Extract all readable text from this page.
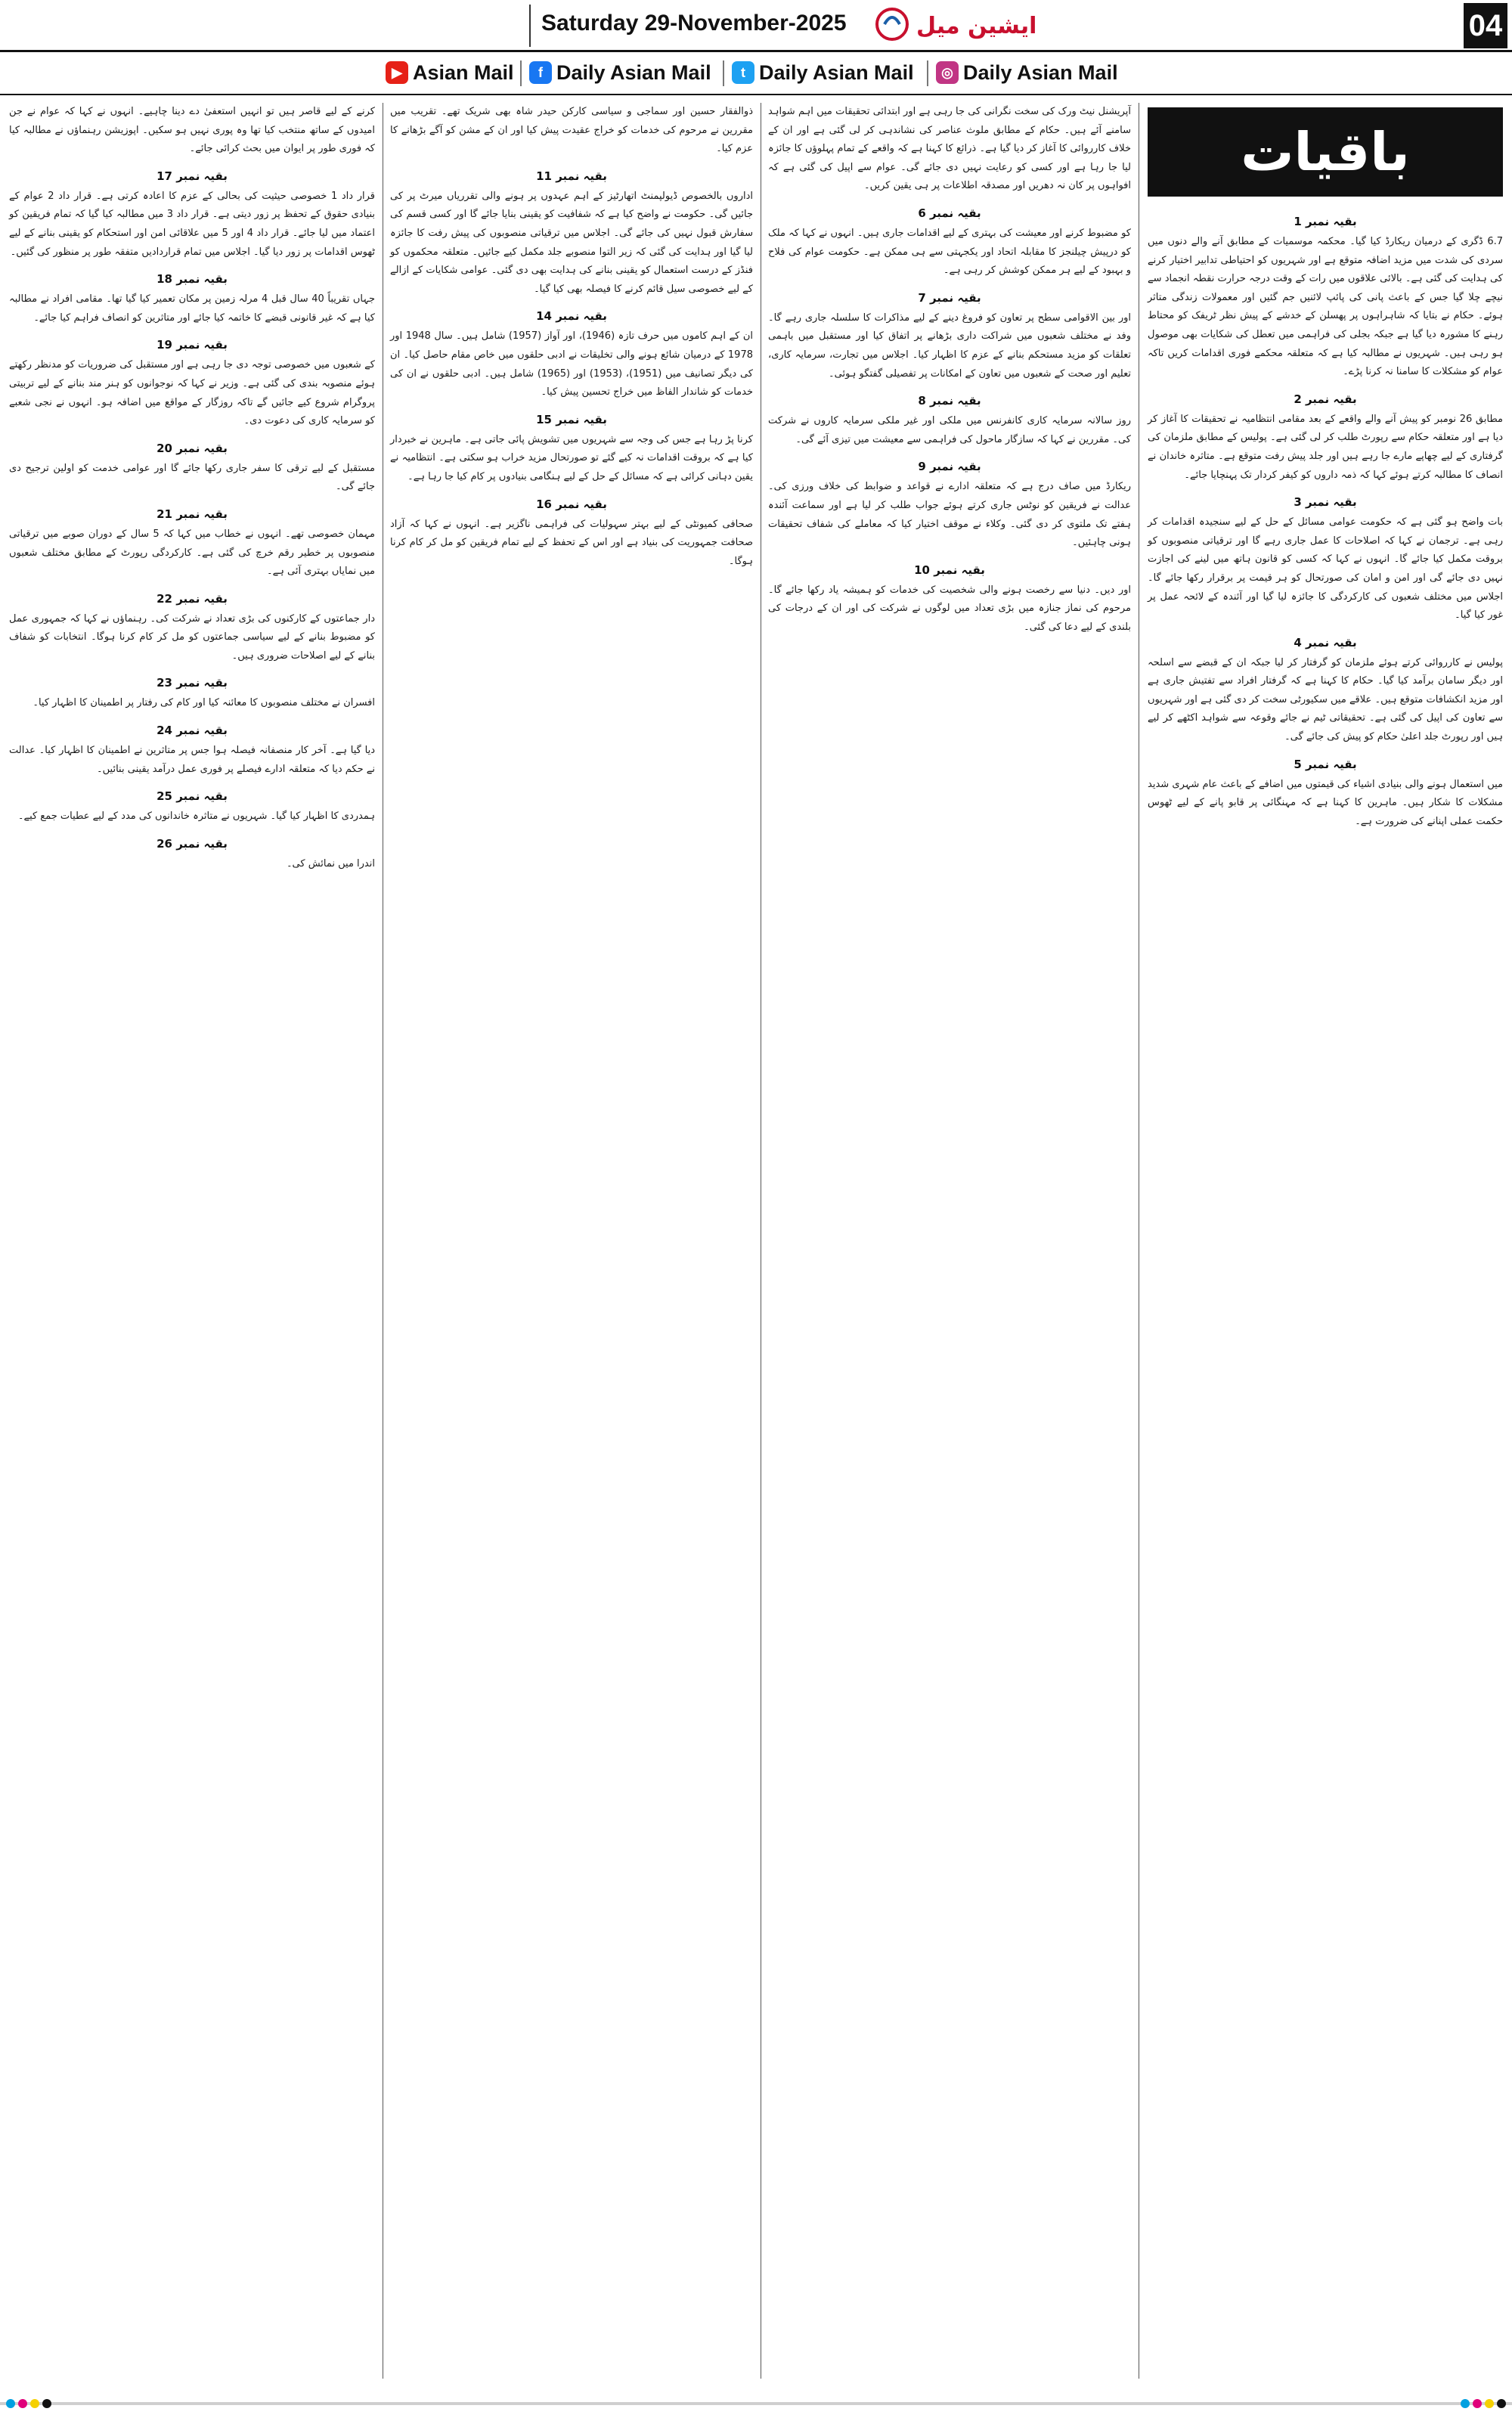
04
ایشین میل
Saturday 29-November-2025
▶ Asian Mail	f Daily Asian Mail	t Daily Asian Mail	◎ Daily Asian Mail
باقیات
بقیہ نمبر 1

6.7 ڈگری کے درمیان ریکارڈ کیا گیا۔ محکمہ موسمیات کے مطابق آنے والے دنوں میں سردی کی شدت میں مزید اضافہ متوقع ہے اور شہریوں کو احتیاطی تدابیر اختیار کرنے کی ہدایت کی گئی ہے۔ بالائی علاقوں میں رات کے وقت درجہ حرارت نقطہ انجماد سے نیچے چلا گیا جس کے باعث پانی کی پائپ لائنیں جم گئیں اور معمولات زندگی متاثر ہوئے۔ حکام نے بتایا کہ شاہراہوں پر پھسلن کے خدشے کے پیش نظر ٹریفک کو محتاط رہنے کا مشورہ دیا گیا ہے جبکہ بجلی کی فراہمی میں تعطل کی شکایات بھی موصول ہو رہی ہیں۔ شہریوں نے مطالبہ کیا ہے کہ متعلقہ محکمے فوری اقدامات کریں تاکہ عوام کو مشکلات کا سامنا نہ کرنا پڑے۔

بقیہ نمبر 2

مطابق 26 نومبر کو پیش آنے والے واقعے کے بعد مقامی انتظامیہ نے تحقیقات کا آغاز کر دیا ہے اور متعلقہ حکام سے رپورٹ طلب کر لی گئی ہے۔ پولیس کے مطابق ملزمان کی گرفتاری کے لیے چھاپے مارے جا رہے ہیں اور جلد پیش رفت متوقع ہے۔ متاثرہ خاندان نے انصاف کا مطالبہ کرتے ہوئے کہا کہ ذمہ داروں کو کیفر کردار تک پہنچایا جائے۔

بقیہ نمبر 3

بات واضح ہو گئی ہے کہ حکومت عوامی مسائل کے حل کے لیے سنجیدہ اقدامات کر رہی ہے۔ ترجمان نے کہا کہ اصلاحات کا عمل جاری رہے گا اور ترقیاتی منصوبوں کو بروقت مکمل کیا جائے گا۔ انہوں نے کہا کہ کسی کو قانون ہاتھ میں لینے کی اجازت نہیں دی جائے گی اور امن و امان کی صورتحال کو ہر قیمت پر برقرار رکھا جائے گا۔ اجلاس میں مختلف شعبوں کی کارکردگی کا جائزہ لیا گیا اور آئندہ کے لائحہ عمل پر غور کیا گیا۔

بقیہ نمبر 4

پولیس نے کارروائی کرتے ہوئے ملزمان کو گرفتار کر لیا جبکہ ان کے قبضے سے اسلحہ اور دیگر سامان برآمد کیا گیا۔ حکام کا کہنا ہے کہ گرفتار افراد سے تفتیش جاری ہے اور مزید انکشافات متوقع ہیں۔ علاقے میں سکیورٹی سخت کر دی گئی ہے اور شہریوں سے تعاون کی اپیل کی گئی ہے۔ تحقیقاتی ٹیم نے جائے وقوعہ سے شواہد اکٹھے کر لیے ہیں اور رپورٹ جلد اعلیٰ حکام کو پیش کی جائے گی۔

بقیہ نمبر 5

میں استعمال ہونے والی بنیادی اشیاء کی قیمتوں میں اضافے کے باعث عام شہری شدید مشکلات کا شکار ہیں۔ ماہرین کا کہنا ہے کہ مہنگائی پر قابو پانے کے لیے ٹھوس حکمت عملی اپنانے کی ضرورت ہے۔

آپریشنل نیٹ ورک کی سخت نگرانی کی جا رہی ہے اور ابتدائی تحقیقات میں اہم شواہد سامنے آئے ہیں۔ حکام کے مطابق ملوث عناصر کی نشاندہی کر لی گئی ہے اور ان کے خلاف کارروائی کا آغاز کر دیا گیا ہے۔ ذرائع کا کہنا ہے کہ واقعے کے تمام پہلوؤں کا جائزہ لیا جا رہا ہے اور کسی کو رعایت نہیں دی جائے گی۔ عوام سے اپیل کی گئی ہے کہ افواہوں پر کان نہ دھریں اور مصدقہ اطلاعات پر ہی یقین کریں۔

بقیہ نمبر 6

کو مضبوط کرنے اور معیشت کی بہتری کے لیے اقدامات جاری ہیں۔ انہوں نے کہا کہ ملک کو درپیش چیلنجز کا مقابلہ اتحاد اور یکجہتی سے ہی ممکن ہے۔ حکومت عوام کی فلاح و بہبود کے لیے ہر ممکن کوشش کر رہی ہے۔

بقیہ نمبر 7

اور بین الاقوامی سطح پر تعاون کو فروغ دینے کے لیے مذاکرات کا سلسلہ جاری رہے گا۔ وفد نے مختلف شعبوں میں شراکت داری بڑھانے پر اتفاق کیا اور مستقبل میں باہمی تعلقات کو مزید مستحکم بنانے کے عزم کا اظہار کیا۔ اجلاس میں تجارت، سرمایہ کاری، تعلیم اور صحت کے شعبوں میں تعاون کے امکانات پر تفصیلی گفتگو ہوئی۔

بقیہ نمبر 8

روز سالانہ سرمایہ کاری کانفرنس میں ملکی اور غیر ملکی سرمایہ کاروں نے شرکت کی۔ مقررین نے کہا کہ سازگار ماحول کی فراہمی سے معیشت میں تیزی آئے گی۔

بقیہ نمبر 9

ریکارڈ میں صاف درج ہے کہ متعلقہ ادارے نے قواعد و ضوابط کی خلاف ورزی کی۔ عدالت نے فریقین کو نوٹس جاری کرتے ہوئے جواب طلب کر لیا ہے اور سماعت آئندہ ہفتے تک ملتوی کر دی گئی۔ وکلاء نے موقف اختیار کیا کہ معاملے کی شفاف تحقیقات ہونی چاہئیں۔

بقیہ نمبر 10

اور دیں۔ دنیا سے رخصت ہونے والی شخصیت کی خدمات کو ہمیشہ یاد رکھا جائے گا۔ مرحوم کی نماز جنازہ میں بڑی تعداد میں لوگوں نے شرکت کی اور ان کے درجات کی بلندی کے لیے دعا کی گئی۔

ذوالفقار حسین اور سماجی و سیاسی کارکن حیدر شاہ بھی شریک تھے۔ تقریب میں مقررین نے مرحوم کی خدمات کو خراج عقیدت پیش کیا اور ان کے مشن کو آگے بڑھانے کا عزم کیا۔

بقیہ نمبر 11

اداروں بالخصوص ڈیولپمنٹ اتھارٹیز کے اہم عہدوں پر ہونے والی تقرریاں میرٹ پر کی جائیں گی۔ حکومت نے واضح کیا ہے کہ شفافیت کو یقینی بنایا جائے گا اور کسی قسم کی سفارش قبول نہیں کی جائے گی۔ اجلاس میں ترقیاتی منصوبوں کی پیش رفت کا جائزہ لیا گیا اور ہدایت کی گئی کہ زیر التوا منصوبے جلد مکمل کیے جائیں۔ متعلقہ محکموں کو فنڈز کے درست استعمال کو یقینی بنانے کی ہدایت بھی دی گئی۔ عوامی شکایات کے ازالے کے لیے خصوصی سیل قائم کرنے کا فیصلہ بھی کیا گیا۔

بقیہ نمبر 14

ان کے اہم کاموں میں حرف تازہ (1946)، اور آواز (1957) شامل ہیں۔ سال 1948 اور 1978 کے درمیان شائع ہونے والی تخلیقات نے ادبی حلقوں میں خاص مقام حاصل کیا۔ ان کی دیگر تصانیف میں (1951)، (1953) اور (1965) شامل ہیں۔ ادبی حلقوں نے ان کی خدمات کو شاندار الفاظ میں خراج تحسین پیش کیا۔

بقیہ نمبر 15

کرنا پڑ رہا ہے جس کی وجہ سے شہریوں میں تشویش پائی جاتی ہے۔ ماہرین نے خبردار کیا ہے کہ بروقت اقدامات نہ کیے گئے تو صورتحال مزید خراب ہو سکتی ہے۔ انتظامیہ نے یقین دہانی کرائی ہے کہ مسائل کے حل کے لیے ہنگامی بنیادوں پر کام کیا جا رہا ہے۔

بقیہ نمبر 16

صحافی کمیونٹی کے لیے بہتر سہولیات کی فراہمی ناگزیر ہے۔ انہوں نے کہا کہ آزاد صحافت جمہوریت کی بنیاد ہے اور اس کے تحفظ کے لیے تمام فریقین کو مل کر کام کرنا ہوگا۔

کرنے کے لیے قاصر ہیں تو انہیں استعفیٰ دے دینا چاہیے۔ انہوں نے کہا کہ عوام نے جن امیدوں کے ساتھ منتخب کیا تھا وہ پوری نہیں ہو سکیں۔ اپوزیشن رہنماؤں نے مطالبہ کیا کہ فوری طور پر ایوان میں بحث کرائی جائے۔

بقیہ نمبر 17

قرار داد 1 خصوصی حیثیت کی بحالی کے عزم کا اعادہ کرتی ہے۔ قرار داد 2 عوام کے بنیادی حقوق کے تحفظ پر زور دیتی ہے۔ قرار داد 3 میں مطالبہ کیا گیا کہ تمام فریقین کو اعتماد میں لیا جائے۔ قرار داد 4 اور 5 میں علاقائی امن اور استحکام کو یقینی بنانے کے لیے ٹھوس اقدامات پر زور دیا گیا۔ اجلاس میں تمام قراردادیں متفقہ طور پر منظور کی گئیں۔

بقیہ نمبر 18

جہاں تقریباً 40 سال قبل 4 مرلہ زمین پر مکان تعمیر کیا گیا تھا۔ مقامی افراد نے مطالبہ کیا ہے کہ غیر قانونی قبضے کا خاتمہ کیا جائے اور متاثرین کو انصاف فراہم کیا جائے۔

بقیہ نمبر 19

کے شعبوں میں خصوصی توجہ دی جا رہی ہے اور مستقبل کی ضروریات کو مدنظر رکھتے ہوئے منصوبہ بندی کی گئی ہے۔ وزیر نے کہا کہ نوجوانوں کو ہنر مند بنانے کے لیے تربیتی پروگرام شروع کیے جائیں گے تاکہ روزگار کے مواقع میں اضافہ ہو۔ انہوں نے نجی شعبے کو سرمایہ کاری کی دعوت دی۔

بقیہ نمبر 20

مستقبل کے لیے ترقی کا سفر جاری رکھا جائے گا اور عوامی خدمت کو اولین ترجیح دی جائے گی۔

بقیہ نمبر 21

مہمان خصوصی تھے۔ انہوں نے خطاب میں کہا کہ 5 سال کے دوران صوبے میں ترقیاتی منصوبوں پر خطیر رقم خرچ کی گئی ہے۔ کارکردگی رپورٹ کے مطابق مختلف شعبوں میں نمایاں بہتری آئی ہے۔

بقیہ نمبر 22

دار جماعتوں کے کارکنوں کی بڑی تعداد نے شرکت کی۔ رہنماؤں نے کہا کہ جمہوری عمل کو مضبوط بنانے کے لیے سیاسی جماعتوں کو مل کر کام کرنا ہوگا۔ انتخابات کو شفاف بنانے کے لیے اصلاحات ضروری ہیں۔

بقیہ نمبر 23

افسران نے مختلف منصوبوں کا معائنہ کیا اور کام کی رفتار پر اطمینان کا اظہار کیا۔

بقیہ نمبر 24

دیا گیا ہے۔ آخر کار منصفانہ فیصلہ ہوا جس پر متاثرین نے اطمینان کا اظہار کیا۔ عدالت نے حکم دیا کہ متعلقہ ادارے فیصلے پر فوری عمل درآمد یقینی بنائیں۔

بقیہ نمبر 25

ہمدردی کا اظہار کیا گیا۔ شہریوں نے متاثرہ خاندانوں کی مدد کے لیے عطیات جمع کیے۔

بقیہ نمبر 26

اندرا میں نمائش کی۔
